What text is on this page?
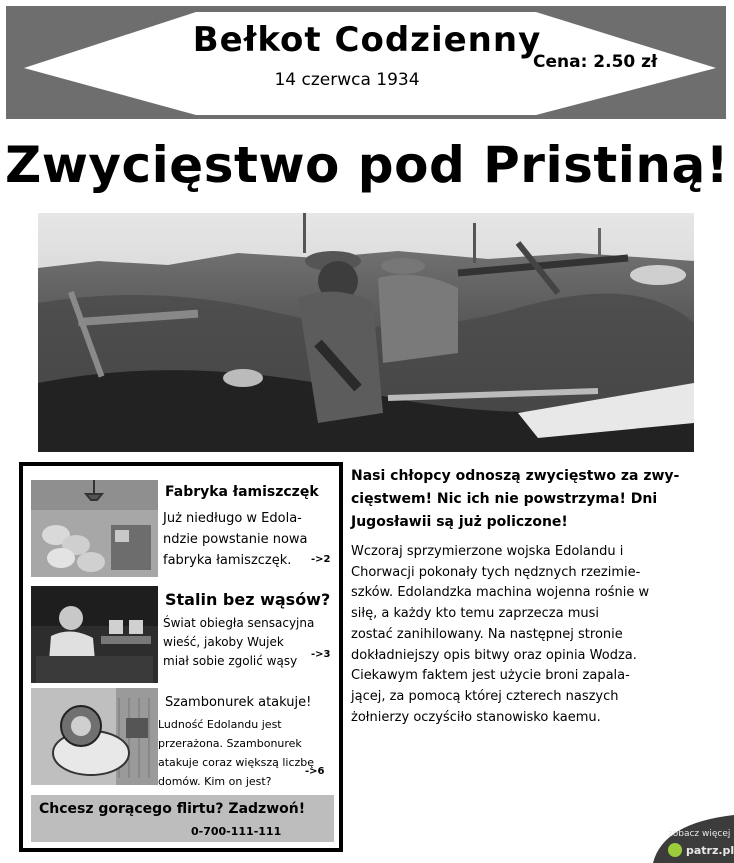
Bełkot Codzienny
14 czerwca 1934
Cena: 2.50 zł
Zwycięstwo pod Pristiną!
Fabryka łamiszczęk
Już niedługo w Edola-
ndzie powstanie nowa
fabryka łamiszczęk.	->2
Stalin bez wąsów?
Świat obiegła sensacyjna
wieść, jakoby Wujek
miał sobie zgolić wąsy	->3
Szambonurek atakuje!
Ludność Edolandu jest
przerażona. Szambonurek
atakuje coraz większą liczbę
domów. Kim on jest?
->6
Chcesz gorącego flirtu? Zadzwoń!
0-700-111-111
Nasi chłopcy odnoszą zwycięstwo za zwy-
cięstwem! Nic ich nie powstrzyma! Dni
Jugosławii są już policzone!
Wczoraj sprzymierzone wojska Edolandu i
Chorwacji pokonały tych nędznych rzezimie-
szków. Edolandzka machina wojenna rośnie w
siłę, a każdy kto temu zaprzecza musi
zostać zanihilowany. Na następnej stronie
dokładniejszy opis bitwy oraz opinia Wodza.
Ciekawym faktem jest użycie broni zapala-
jącej, za pomocą której czterech naszych
żołnierzy oczyściło stanowisko kaemu.
zobacz więcej
patrz.pl
